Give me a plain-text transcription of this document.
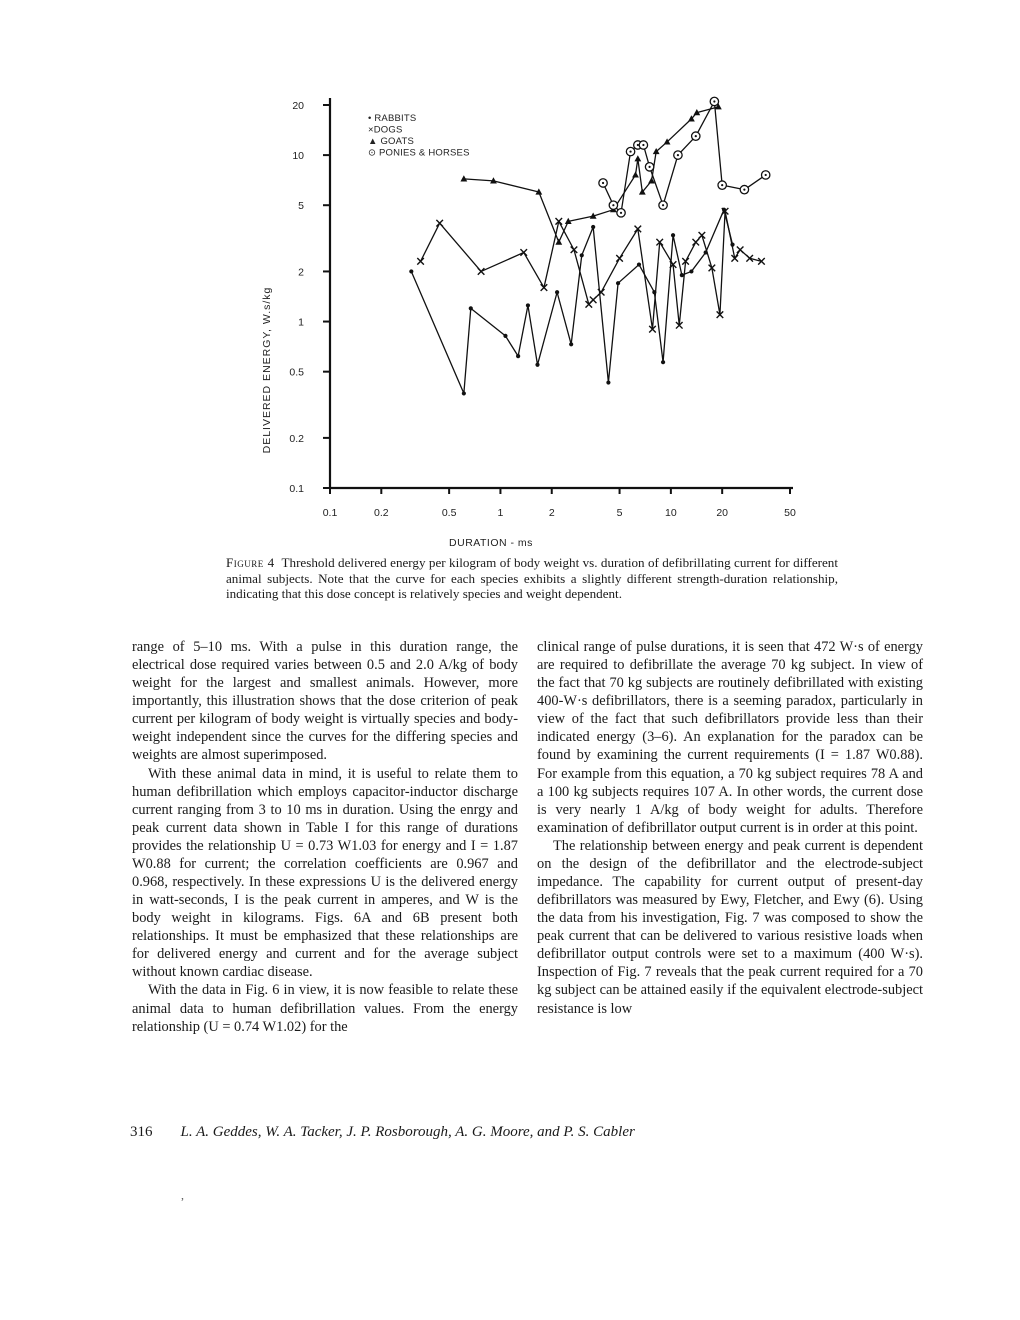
0.1
0.2
0.5
1
2
5
10
20
0.1	0.2	0.5	1	2	5	10	20	50
DURATION - ms
DELIVERED ENERGY, W.s/kg
• RABBITS
×DOGS
▲ GOATS
⊙ PONIES & HORSES
Figure 4 Threshold delivered energy per kilogram of body weight vs. duration of defibrillating current for different animal subjects. Note that the curve for each species exhibits a slightly different strength-duration relationship, indicating that this dose concept is relatively species and weight dependent.

range of 5–10 ms. With a pulse in this duration range, the electrical dose required varies between 0.5 and 2.0 A/kg of body weight for the largest and smallest animals. However, more importantly, this illustration shows that the dose criterion of peak current per kilogram of body weight is virtually species and body-weight independent since the curves for the differing species and weights are almost superimposed.

With these animal data in mind, it is useful to relate them to human defibrillation which employs capacitor-inductor discharge current ranging from 3 to 10 ms in duration. Using the enrgy and peak current data shown in Table I for this range of durations provides the relationship U = 0.73 W1.03 for energy and I = 1.87 W0.88 for current; the correlation coefficients are 0.967 and 0.968, respectively. In these expressions U is the delivered energy in watt-seconds, I is the peak current in amperes, and W is the body weight in kilograms. Figs. 6A and 6B present both relationships. It must be emphasized that these relationships are for delivered energy and current and for the average subject without known cardiac disease.

With the data in Fig. 6 in view, it is now feasible to relate these animal data to human defibrillation values. From the energy relationship (U = 0.74 W1.02) for the

clinical range of pulse durations, it is seen that 472 W·s of energy are required to defibrillate the average 70 kg subject. In view of the fact that 70 kg subjects are routinely defibrillated with existing 400-W·s defibrillators, there is a seeming paradox, particularly in view of the fact that such defibrillators provide less than their indicated energy (3–6). An explanation for the paradox can be found by examining the current requirements (I = 1.87 W0.88). For example from this equation, a 70 kg subject requires 78 A and a 100 kg subjects requires 107 A. In other words, the current dose is very nearly 1 A/kg of body weight for adults. Therefore examination of defibrillator output current is in order at this point.

The relationship between energy and peak current is dependent on the design of the defibrillator and the electrode-subject impedance. The capability for current output of present-day defibrillators was measured by Ewy, Fletcher, and Ewy (6). Using the data from his investigation, Fig. 7 was composed to show the peak current that can be delivered to various resistive loads when defibrillator output controls were set to a maximum (400 W·s). Inspection of Fig. 7 reveals that the peak current required for a 70 kg subject can be attained easily if the equivalent electrode-subject resistance is low

316 L. A. Geddes, W. A. Tacker, J. P. Rosborough, A. G. Moore, and P. S. Cabler
,
